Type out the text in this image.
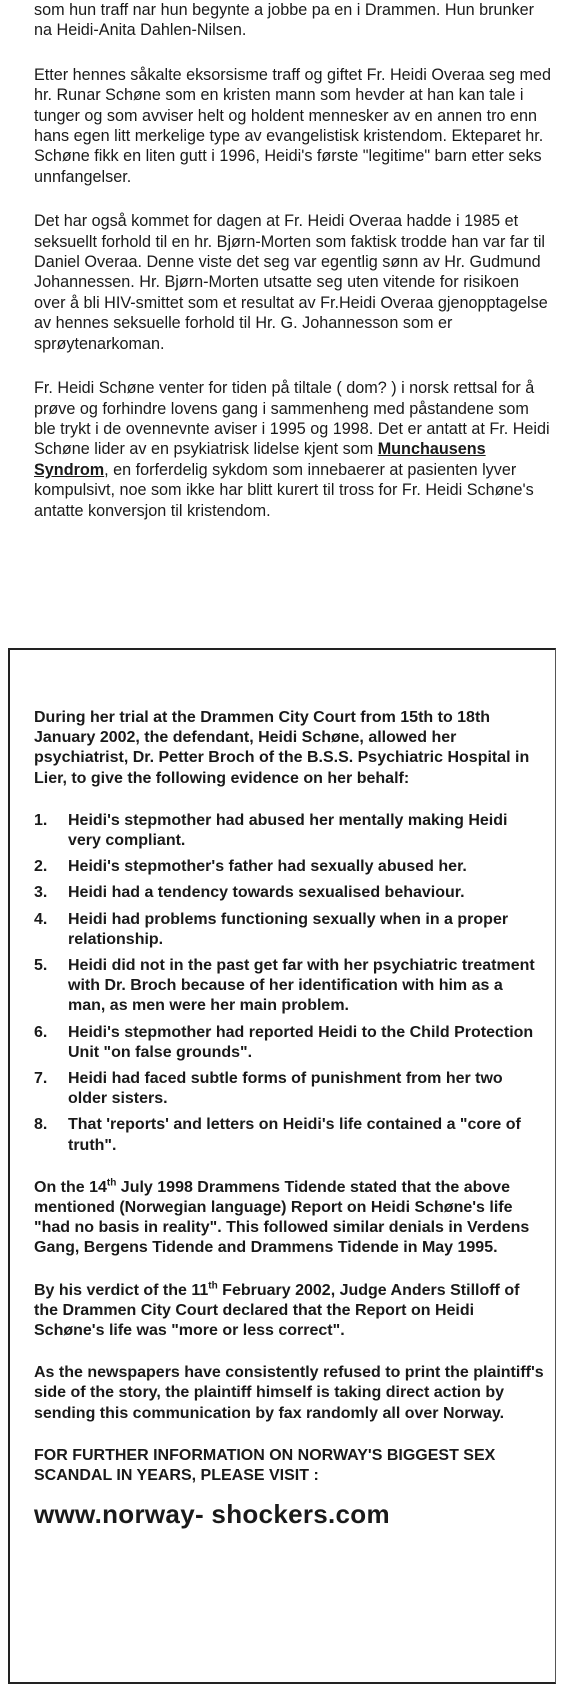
som hun traff nar hun begynte a jobbe pa en i Drammen. Hun brunker na Heidi-Anita Dahlen-Nilsen.

Etter hennes såkalte eksorsisme traff og giftet Fr. Heidi Overaa seg med hr. Runar Schøne som en kristen mann som hevder at han kan tale i tunger og som avviser helt og holdent mennesker av en annen tro enn hans egen litt merkelige type av evangelistisk kristendom. Ekteparet hr. Schøne fikk en liten gutt i 1996, Heidi's første "legitime" barn etter seks unnfangelser.

Det har også kommet for dagen at Fr. Heidi Overaa hadde i 1985 et seksuellt forhold til en hr. Bjørn-Morten som faktisk trodde han var far til Daniel Overaa. Denne viste det seg var egentlig sønn av Hr. Gudmund Johannessen. Hr. Bjørn-Morten utsatte seg uten vitende for risikoen over å bli HIV-smittet som et resultat av Fr.Heidi Overaa gjenopptagelse av hennes seksuelle forhold til Hr. G. Johannesson som er sprøytenarkoman.

Fr. Heidi Schøne venter for tiden på tiltale ( dom? ) i norsk rettsal for å prøve og forhindre lovens gang i sammenheng med påstandene som ble trykt i de ovennevnte aviser i 1995 og 1998. Det er antatt at Fr. Heidi Schøne lider av en psykiatrisk lidelse kjent som Munchausens Syndrom, en forferdelig sykdom som innebaerer at pasienten lyver kompulsivt, noe som ikke har blitt kurert til tross for Fr. Heidi Schøne's antatte konversjon til kristendom.

During her trial at the Drammen City Court from 15th to 18th January 2002, the defendant, Heidi Schøne, allowed her psychiatrist, Dr. Petter Broch of the B.S.S. Psychiatric Hospital in Lier, to give the following evidence on her behalf:

1.	Heidi's stepmother had abused her mentally making Heidi very compliant.
2.	Heidi's stepmother's father had sexually abused her.
3.	Heidi had a tendency towards sexualised behaviour.
4.	Heidi had problems functioning sexually when in a proper relationship.
5.	Heidi did not in the past get far with her psychiatric treatment with Dr. Broch because of her identification with him as a man, as men were her main problem.
6.	Heidi's stepmother had reported Heidi to the Child Protection Unit "on false grounds".
7.	Heidi had faced subtle forms of punishment from her two older sisters.
8.	That 'reports' and letters on Heidi's life contained a "core of truth".

On the 14th July 1998 Drammens Tidende stated that the above mentioned (Norwegian language) Report on Heidi Schøne's life "had no basis in reality". This followed similar denials in Verdens Gang, Bergens Tidende and Drammens Tidende in May 1995.

By his verdict of the 11th February 2002, Judge Anders Stilloff of the Drammen City Court declared that the Report on Heidi Schøne's life was "more or less correct".

As the newspapers have consistently refused to print the plaintiff's side of the story, the plaintiff himself is taking direct action by sending this communication by fax randomly all over Norway.

FOR FURTHER INFORMATION ON NORWAY'S BIGGEST SEX SCANDAL IN YEARS, PLEASE VISIT :

www.norway- shockers.com
